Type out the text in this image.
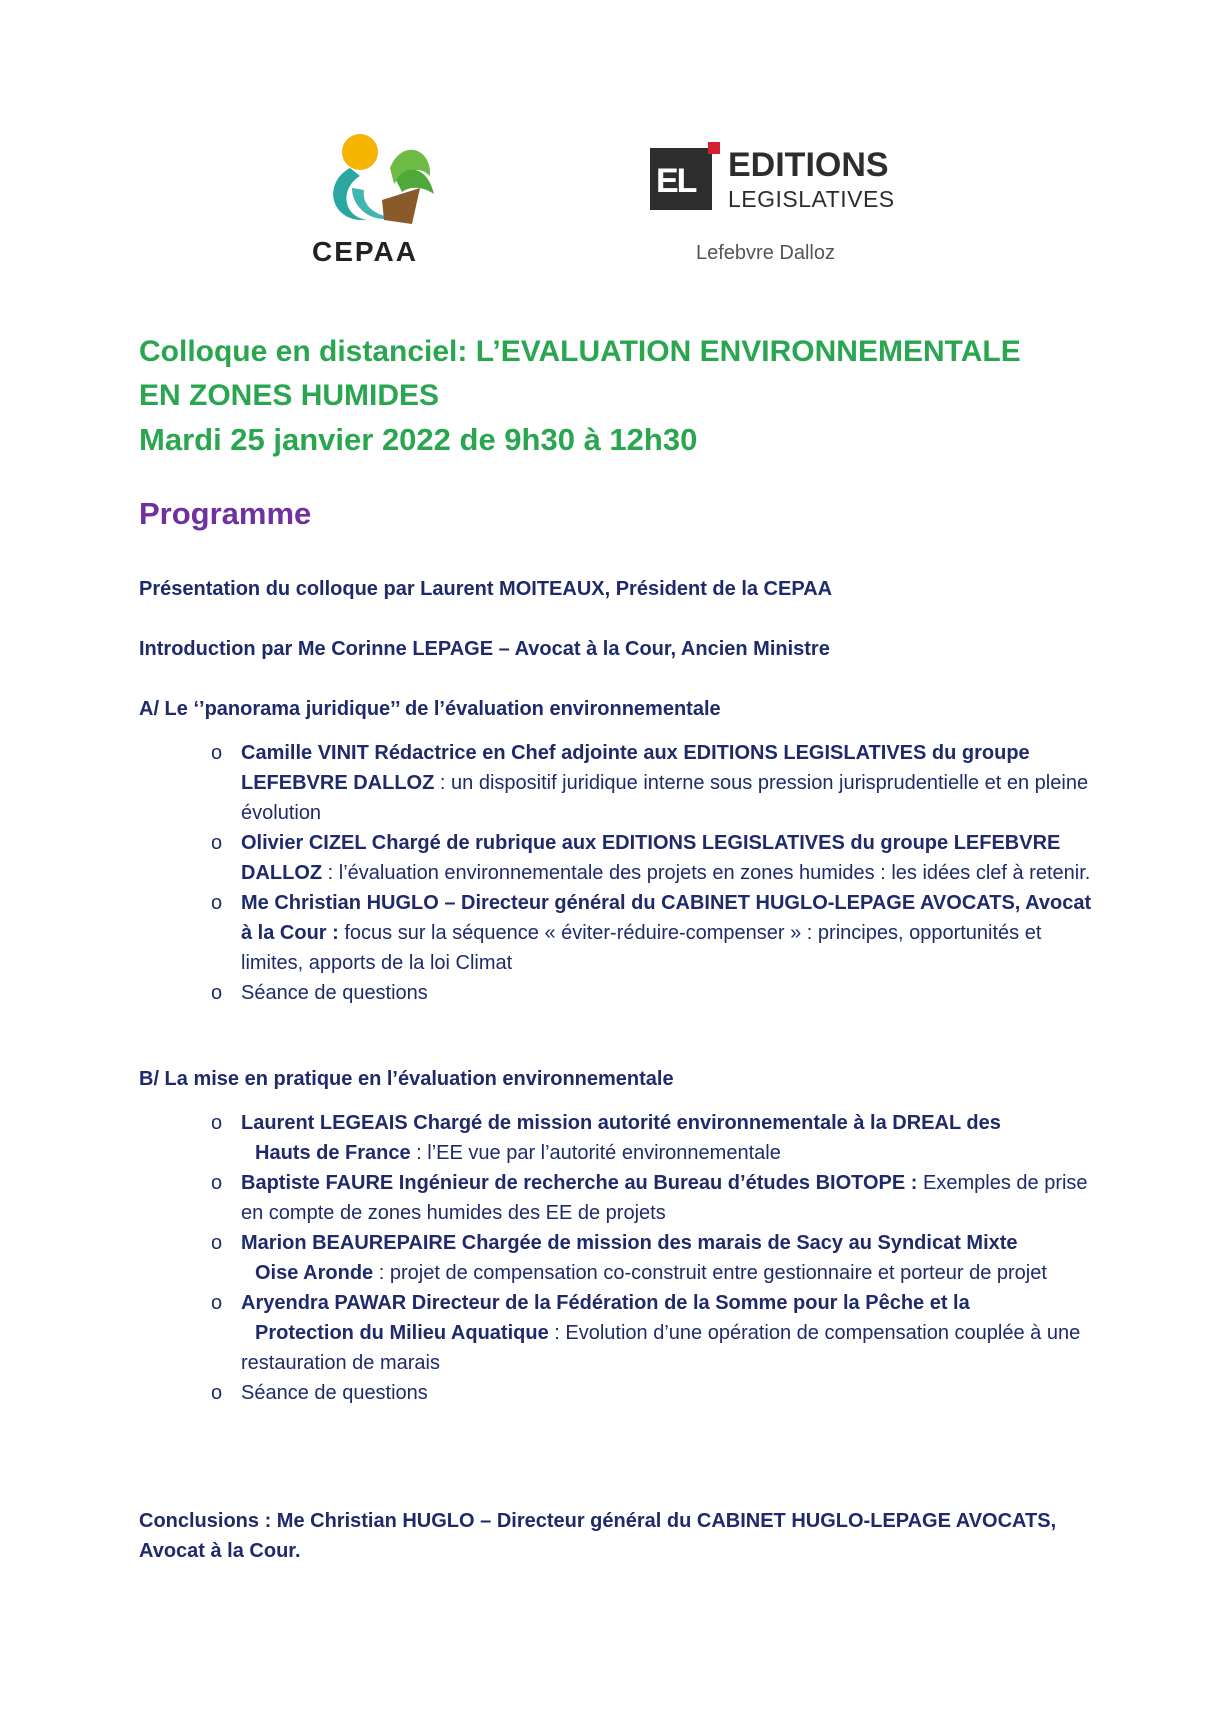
CEPAA
EL EDITIONS
LEGISLATIVES
Lefebvre Dalloz
Colloque en distanciel: L’EVALUATION ENVIRONNEMENTALE
EN ZONES HUMIDES
Mardi 25 janvier 2022 de 9h30 à 12h30
Programme
Présentation du colloque par Laurent MOITEAUX, Président de la CEPAA
Introduction par Me Corinne LEPAGE – Avocat à la Cour, Ancien Ministre
A/ Le ‘’panorama juridique’’ de l’évaluation environnementale
o Camille VINIT Rédactrice en Chef adjointe aux EDITIONS LEGISLATIVES du groupe LEFEBVRE DALLOZ : un dispositif juridique interne sous pression jurisprudentielle et en pleine évolution
o Olivier CIZEL Chargé de rubrique aux EDITIONS LEGISLATIVES du groupe LEFEBVRE DALLOZ : l’évaluation environnementale des projets en zones humides : les idées clef à retenir.
o Me Christian HUGLO – Directeur général du CABINET HUGLO-LEPAGE AVOCATS, Avocat à la Cour : focus sur la séquence « éviter-réduire-compenser » : principes, opportunités et limites, apports de la loi Climat
o Séance de questions
B/ La mise en pratique en l’évaluation environnementale
o Laurent LEGEAIS Chargé de mission autorité environnementale à la DREAL des
Hauts de France : l’EE vue par l’autorité environnementale
o Baptiste FAURE Ingénieur de recherche au Bureau d’études BIOTOPE : Exemples de prise en compte de zones humides des EE de projets
o Marion BEAUREPAIRE Chargée de mission des marais de Sacy au Syndicat Mixte
Oise Aronde : projet de compensation co-construit entre gestionnaire et porteur de projet
o Aryendra PAWAR Directeur de la Fédération de la Somme pour la Pêche et la
Protection du Milieu Aquatique : Evolution d’une opération de compensation couplée à une restauration de marais
o Séance de questions
Conclusions : Me Christian HUGLO – Directeur général du CABINET HUGLO-LEPAGE AVOCATS, Avocat à la Cour.
